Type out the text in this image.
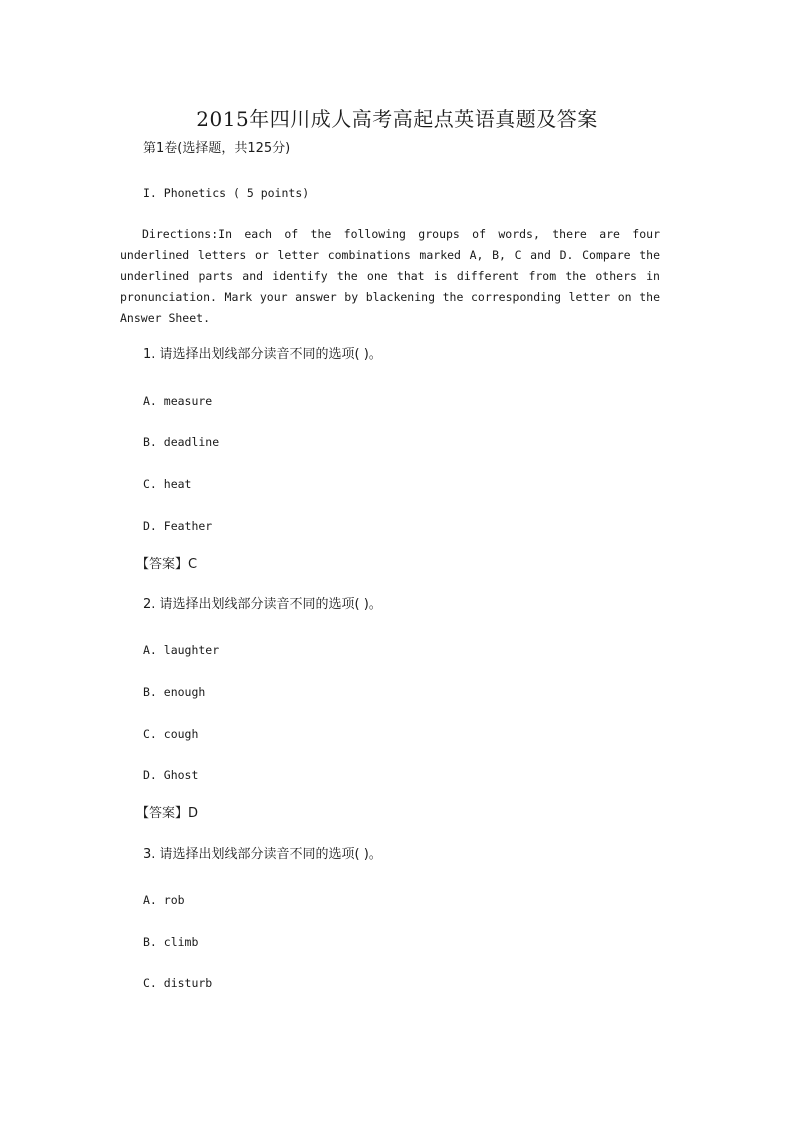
2015年四川成人高考高起点英语真题及答案
第1卷(选择题，共125分)
I. Phonetics ( 5 points)
Directions:In each of the following groups of words, there are four underlined letters or letter combinations marked A, B, C and D. Compare the underlined parts and identify the one that is different from the others in pronunciation. Mark your answer by blackening the corresponding letter on the Answer Sheet.
1. 请选择出划线部分读音不同的选项( )。
A. measure
B. deadline
C. heat
D. Feather
【答案】C
2. 请选择出划线部分读音不同的选项( )。
A. laughter
B. enough
C. cough
D. Ghost
【答案】D
3. 请选择出划线部分读音不同的选项( )。
A. rob
B. climb
C. disturb
